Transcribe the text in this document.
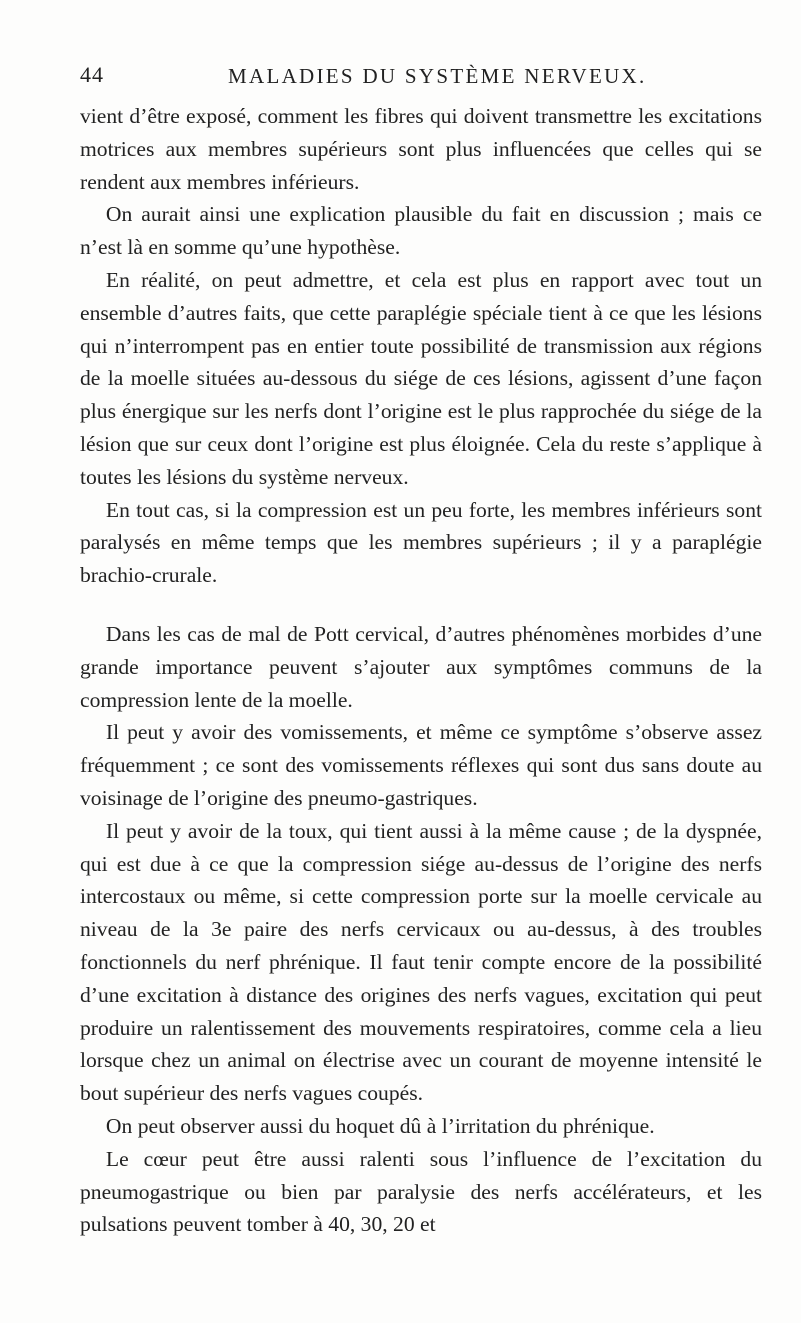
44	MALADIES DU SYSTÈME NERVEUX.

vient d’être exposé, comment les fibres qui doivent transmettre les excitations motrices aux membres supérieurs sont plus influencées que celles qui se rendent aux membres inférieurs.

On aurait ainsi une explication plausible du fait en discussion ; mais ce n’est là en somme qu’une hypothèse.

En réalité, on peut admettre, et cela est plus en rapport avec tout un ensemble d’autres faits, que cette paraplégie spéciale tient à ce que les lésions qui n’interrompent pas en entier toute possibilité de transmission aux régions de la moelle situées au-dessous du siége de ces lésions, agissent d’une façon plus énergique sur les nerfs dont l’origine est le plus rapprochée du siége de la lésion que sur ceux dont l’origine est plus éloignée. Cela du reste s’applique à toutes les lésions du système nerveux.

En tout cas, si la compression est un peu forte, les membres inférieurs sont paralysés en même temps que les membres supérieurs ; il y a paraplégie brachio-crurale.

Dans les cas de mal de Pott cervical, d’autres phénomènes morbides d’une grande importance peuvent s’ajouter aux symptômes communs de la compression lente de la moelle.

Il peut y avoir des vomissements, et même ce symptôme s’observe assez fréquemment ; ce sont des vomissements réflexes qui sont dus sans doute au voisinage de l’origine des pneumo-gastriques.

Il peut y avoir de la toux, qui tient aussi à la même cause ; de la dyspnée, qui est due à ce que la compression siége au-dessus de l’origine des nerfs intercostaux ou même, si cette compression porte sur la moelle cervicale au niveau de la 3e paire des nerfs cervicaux ou au-dessus, à des troubles fonctionnels du nerf phrénique. Il faut tenir compte encore de la possibilité d’une excitation à distance des origines des nerfs vagues, excitation qui peut produire un ralentissement des mouvements respiratoires, comme cela a lieu lorsque chez un animal on électrise avec un courant de moyenne intensité le bout supérieur des nerfs vagues coupés.

On peut observer aussi du hoquet dû à l’irritation du phrénique.

Le cœur peut être aussi ralenti sous l’influence de l’excitation du pneumogastrique ou bien par paralysie des nerfs accélérateurs, et les pulsations peuvent tomber à 40, 30, 20 et
